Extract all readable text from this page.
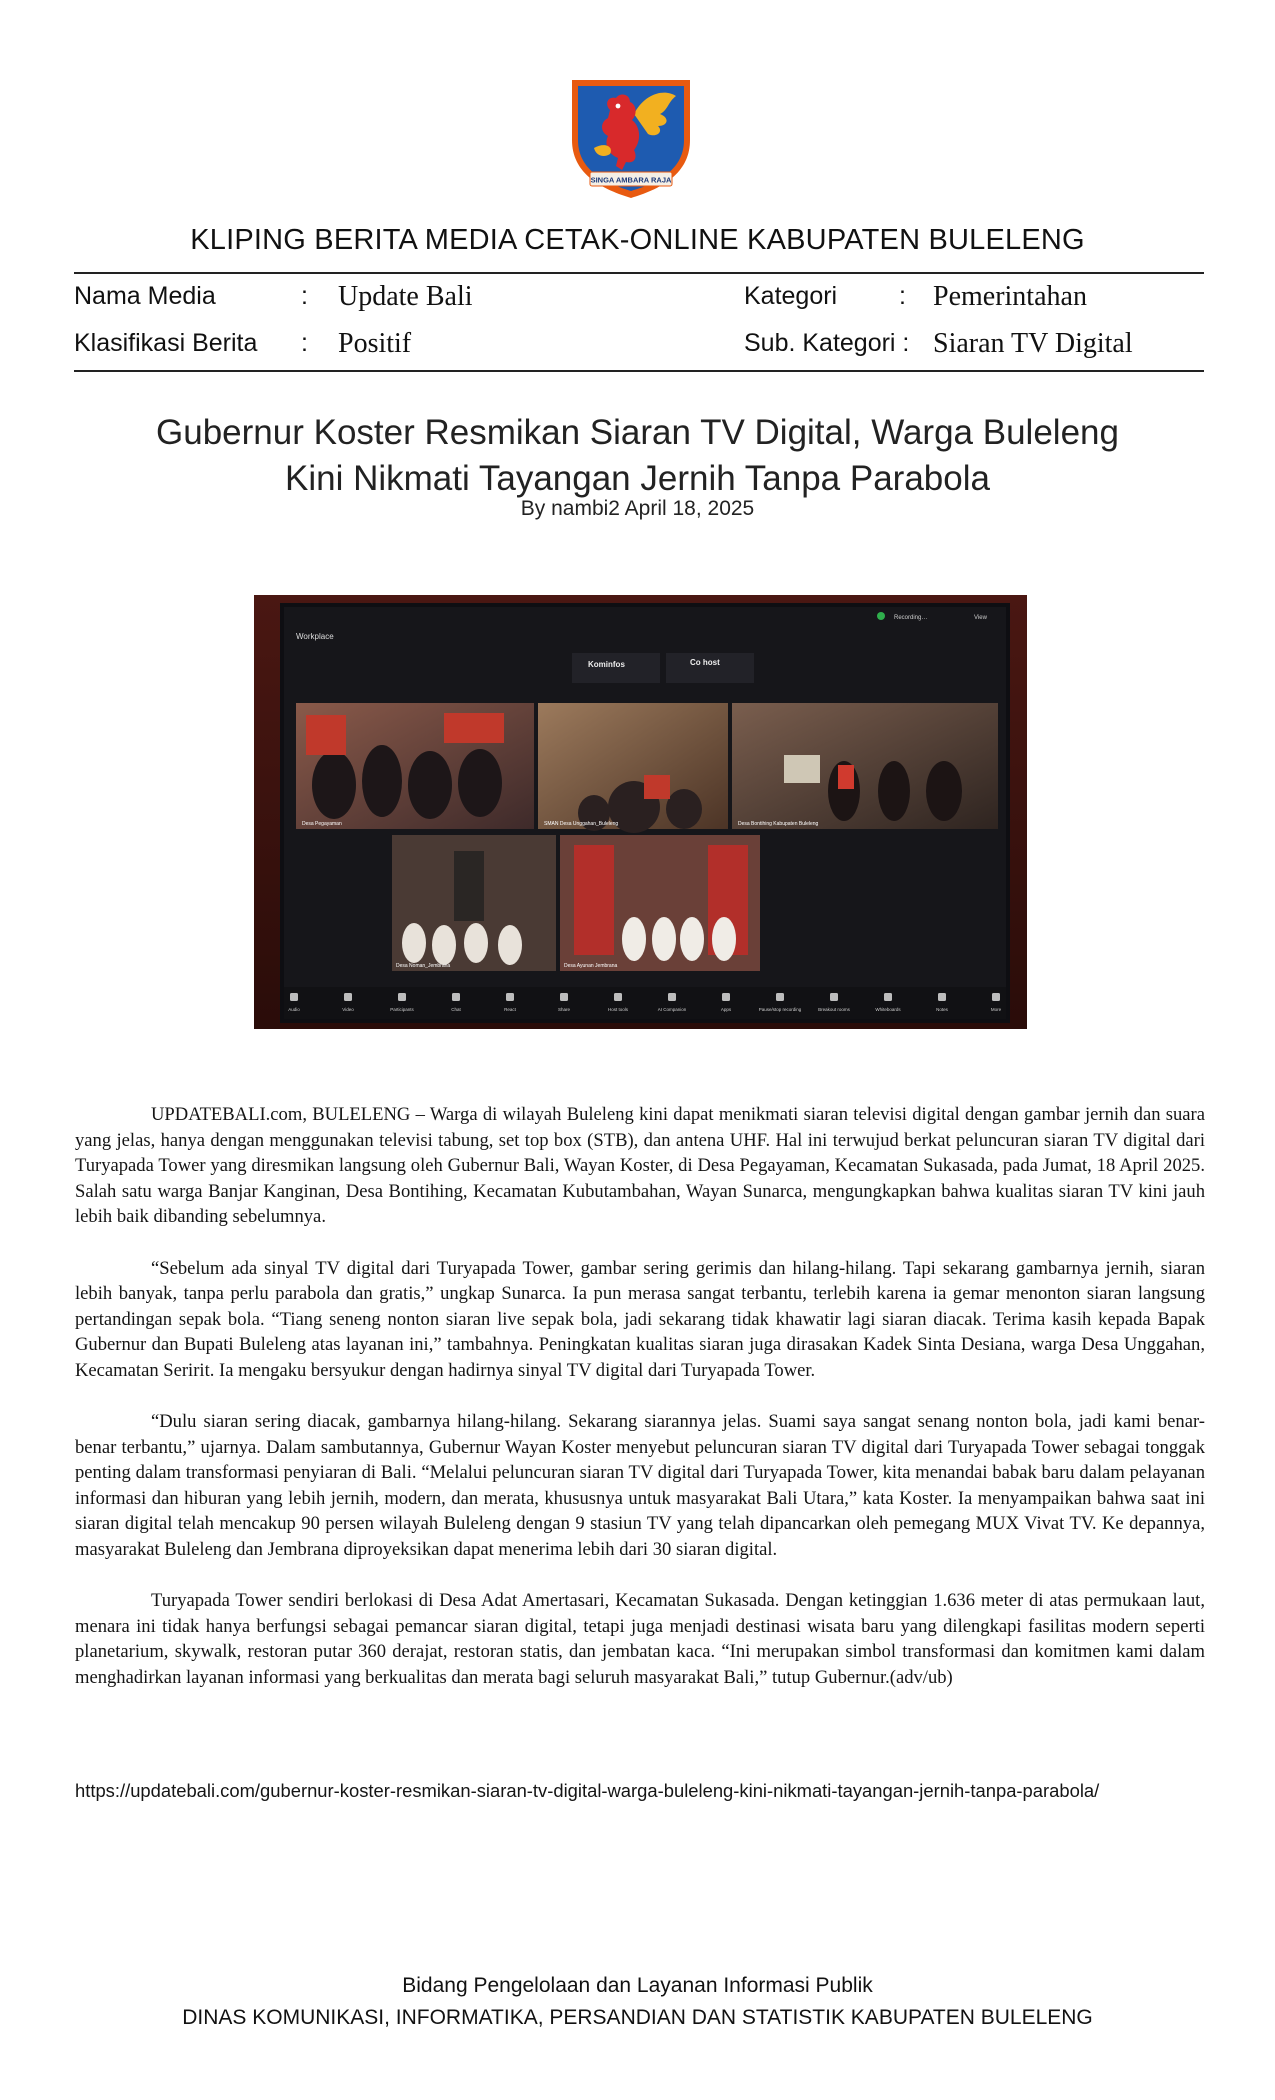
SINGA AMBARA RAJA
KLIPING BERITA MEDIA CETAK-ONLINE KABUPATEN BULELENG
Nama Media	: Update Bali	Kategori : Pemerintahan
Klasifikasi Berita : Positif	Sub. Kategori : Siaran TV Digital
Gubernur Koster Resmikan Siaran TV Digital, Warga Buleleng
Kini Nikmati Tayangan Jernih Tanpa Parabola
By nambi2 April 18, 2025
Workplace
Recording…	View
Kominfos	Co host
Desa Pegayaman	SMAN Desa Unggahan_Buleleng	Desa Bontihing Kabupaten Buleleng
Desa Noman_Jembrana	Desa Ayunan Jembrana
Audio	Video	Participants	Chat	React	Share	Host tools	AI Companion	Apps	Pause/stop recording	Breakout rooms	Whiteboards	Notes	More

UPDATEBALI.com, BULELENG – Warga di wilayah Buleleng kini dapat menikmati siaran televisi digital dengan gambar jernih dan suara yang jelas, hanya dengan menggunakan televisi tabung, set top box (STB), dan antena UHF. Hal ini terwujud berkat peluncuran siaran TV digital dari Turyapada Tower yang diresmikan langsung oleh Gubernur Bali, Wayan Koster, di Desa Pegayaman, Kecamatan Sukasada, pada Jumat, 18 April 2025. Salah satu warga Banjar Kanginan, Desa Bontihing, Kecamatan Kubutambahan, Wayan Sunarca, mengungkapkan bahwa kualitas siaran TV kini jauh lebih baik dibanding sebelumnya.

“Sebelum ada sinyal TV digital dari Turyapada Tower, gambar sering gerimis dan hilang-hilang. Tapi sekarang gambarnya jernih, siaran lebih banyak, tanpa perlu parabola dan gratis,” ungkap Sunarca. Ia pun merasa sangat terbantu, terlebih karena ia gemar menonton siaran langsung pertandingan sepak bola. “Tiang seneng nonton siaran live sepak bola, jadi sekarang tidak khawatir lagi siaran diacak. Terima kasih kepada Bapak Gubernur dan Bupati Buleleng atas layanan ini,” tambahnya. Peningkatan kualitas siaran juga dirasakan Kadek Sinta Desiana, warga Desa Unggahan, Kecamatan Seririt. Ia mengaku bersyukur dengan hadirnya sinyal TV digital dari Turyapada Tower.

“Dulu siaran sering diacak, gambarnya hilang-hilang. Sekarang siarannya jelas. Suami saya sangat senang nonton bola, jadi kami benar-benar terbantu,” ujarnya. Dalam sambutannya, Gubernur Wayan Koster menyebut peluncuran siaran TV digital dari Turyapada Tower sebagai tonggak penting dalam transformasi penyiaran di Bali. “Melalui peluncuran siaran TV digital dari Turyapada Tower, kita menandai babak baru dalam pelayanan informasi dan hiburan yang lebih jernih, modern, dan merata, khususnya untuk masyarakat Bali Utara,” kata Koster. Ia menyampaikan bahwa saat ini siaran digital telah mencakup 90 persen wilayah Buleleng dengan 9 stasiun TV yang telah dipancarkan oleh pemegang MUX Vivat TV. Ke depannya, masyarakat Buleleng dan Jembrana diproyeksikan dapat menerima lebih dari 30 siaran digital.

Turyapada Tower sendiri berlokasi di Desa Adat Amertasari, Kecamatan Sukasada. Dengan ketinggian 1.636 meter di atas permukaan laut, menara ini tidak hanya berfungsi sebagai pemancar siaran digital, tetapi juga menjadi destinasi wisata baru yang dilengkapi fasilitas modern seperti planetarium, skywalk, restoran putar 360 derajat, restoran statis, dan jembatan kaca. “Ini merupakan simbol transformasi dan komitmen kami dalam menghadirkan layanan informasi yang berkualitas dan merata bagi seluruh masyarakat Bali,” tutup Gubernur.(adv/ub)

https://updatebali.com/gubernur-koster-resmikan-siaran-tv-digital-warga-buleleng-kini-nikmati-tayangan-jernih-tanpa-parabola/
Bidang Pengelolaan dan Layanan Informasi Publik
DINAS KOMUNIKASI, INFORMATIKA, PERSANDIAN DAN STATISTIK KABUPATEN BULELENG
